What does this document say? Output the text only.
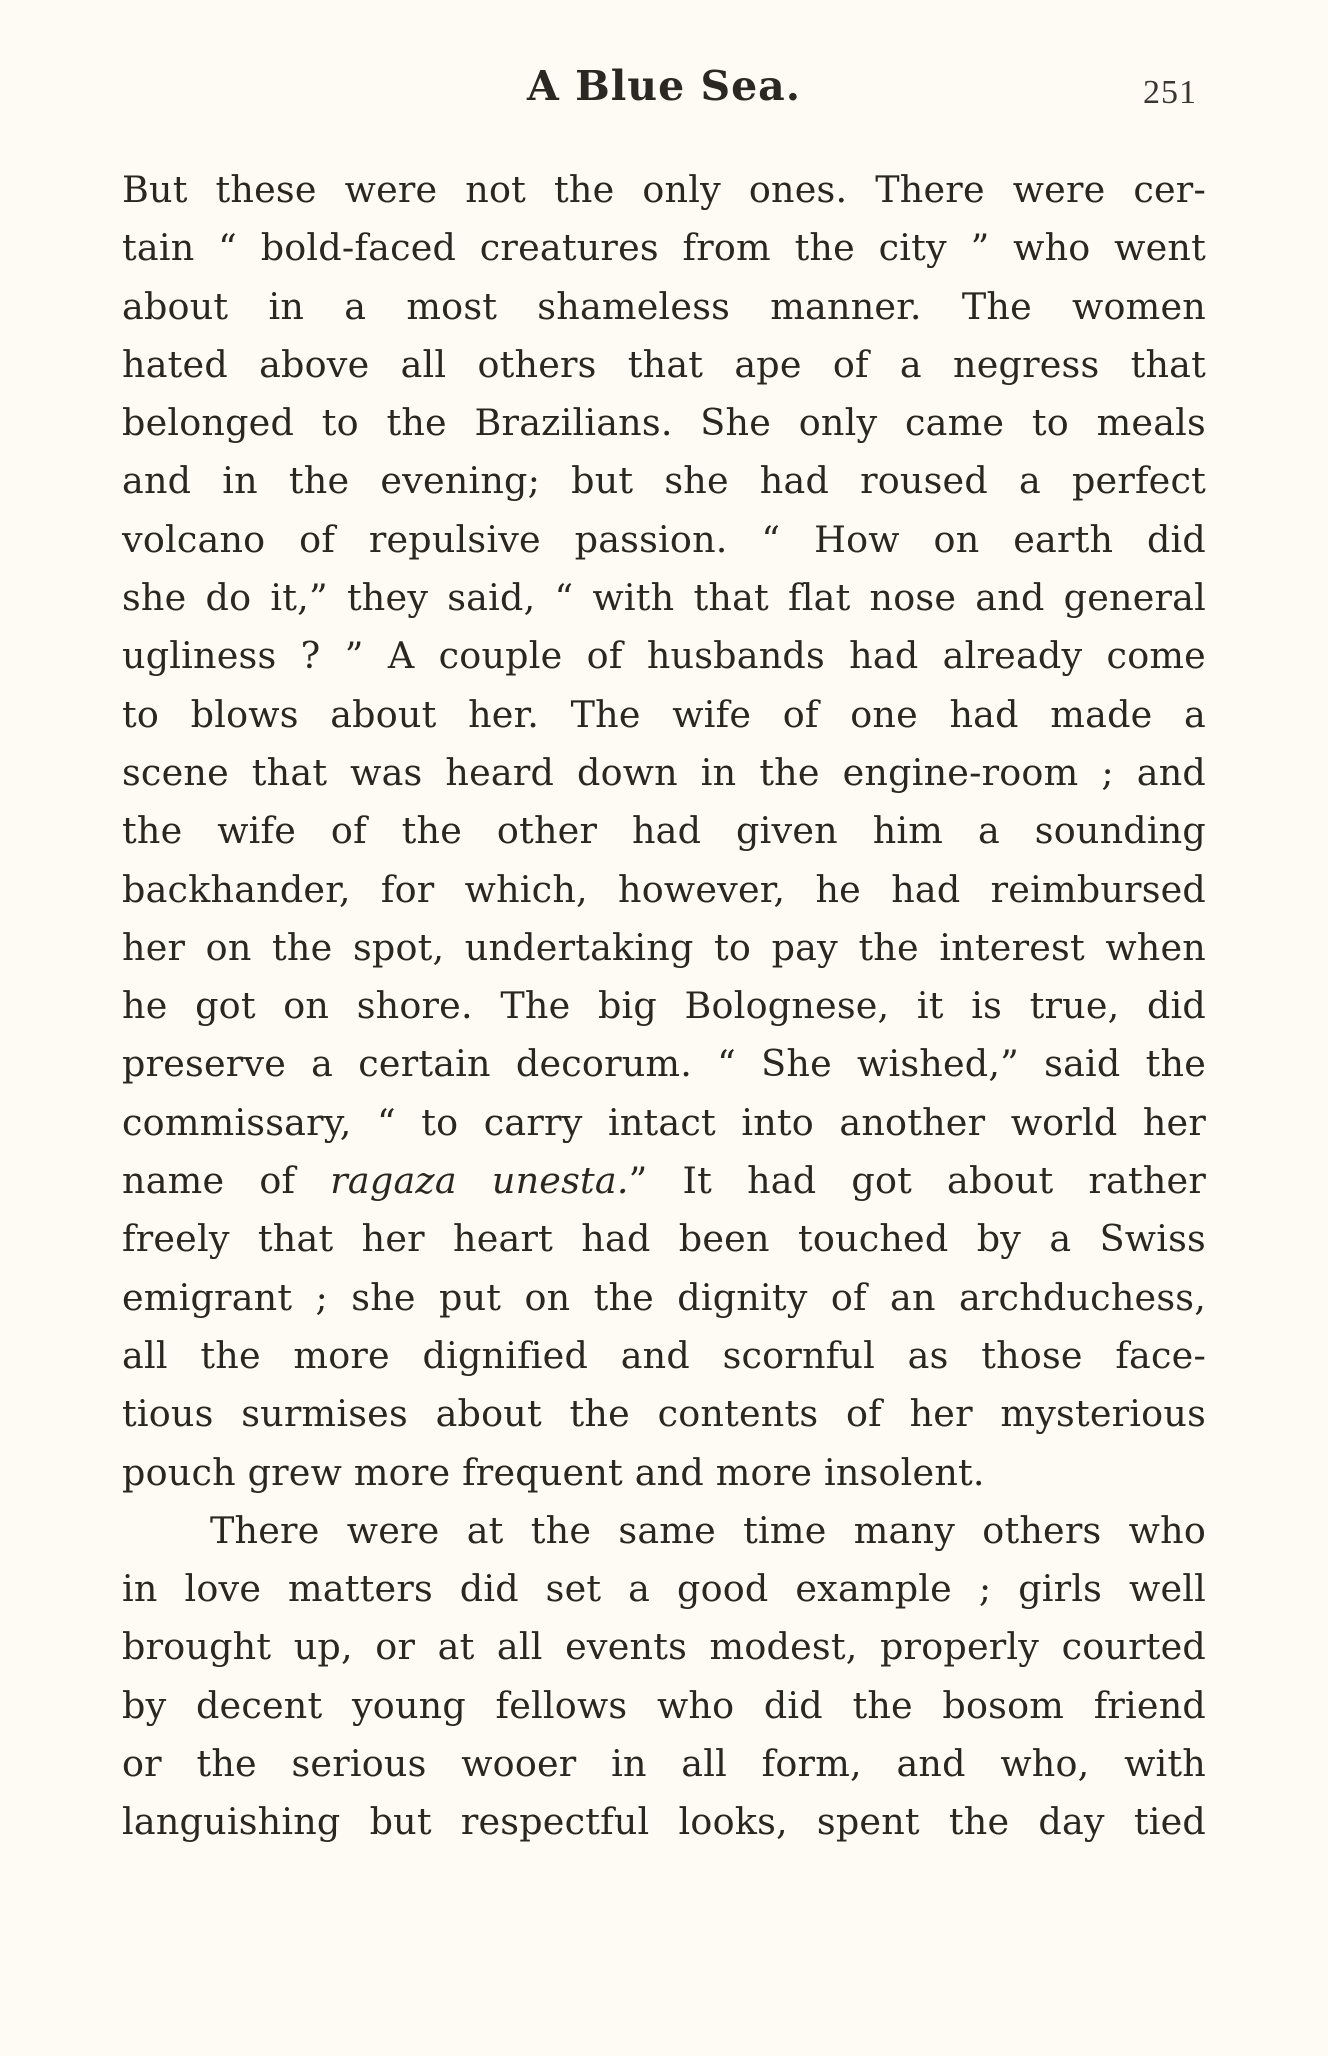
A Blue Sea.	251
But these were not the only ones. There were cer-
tain “ bold-faced creatures from the city ” who went
about in a most shameless manner. The women
hated above all others that ape of a negress that
belonged to the Brazilians. She only came to meals
and in the evening; but she had roused a perfect
volcano of repulsive passion. “ How on earth did
she do it,” they said, “ with that flat nose and general
ugliness ? ” A couple of husbands had already come
to blows about her. The wife of one had made a
scene that was heard down in the engine-room ; and
the wife of the other had given him a sounding
backhander, for which, however, he had reimbursed
her on the spot, undertaking to pay the interest when
he got on shore. The big Bolognese, it is true, did
preserve a certain decorum. “ She wished,” said the
commissary, “ to carry intact into another world her
name of ragaza unesta.” It had got about rather
freely that her heart had been touched by a Swiss
emigrant ; she put on the dignity of an archduchess,
all the more dignified and scornful as those face-
tious surmises about the contents of her mysterious
pouch grew more frequent and more insolent.
There were at the same time many others who
in love matters did set a good example ; girls well
brought up, or at all events modest, properly courted
by decent young fellows who did the bosom friend
or the serious wooer in all form, and who, with
languishing but respectful looks, spent the day tied
